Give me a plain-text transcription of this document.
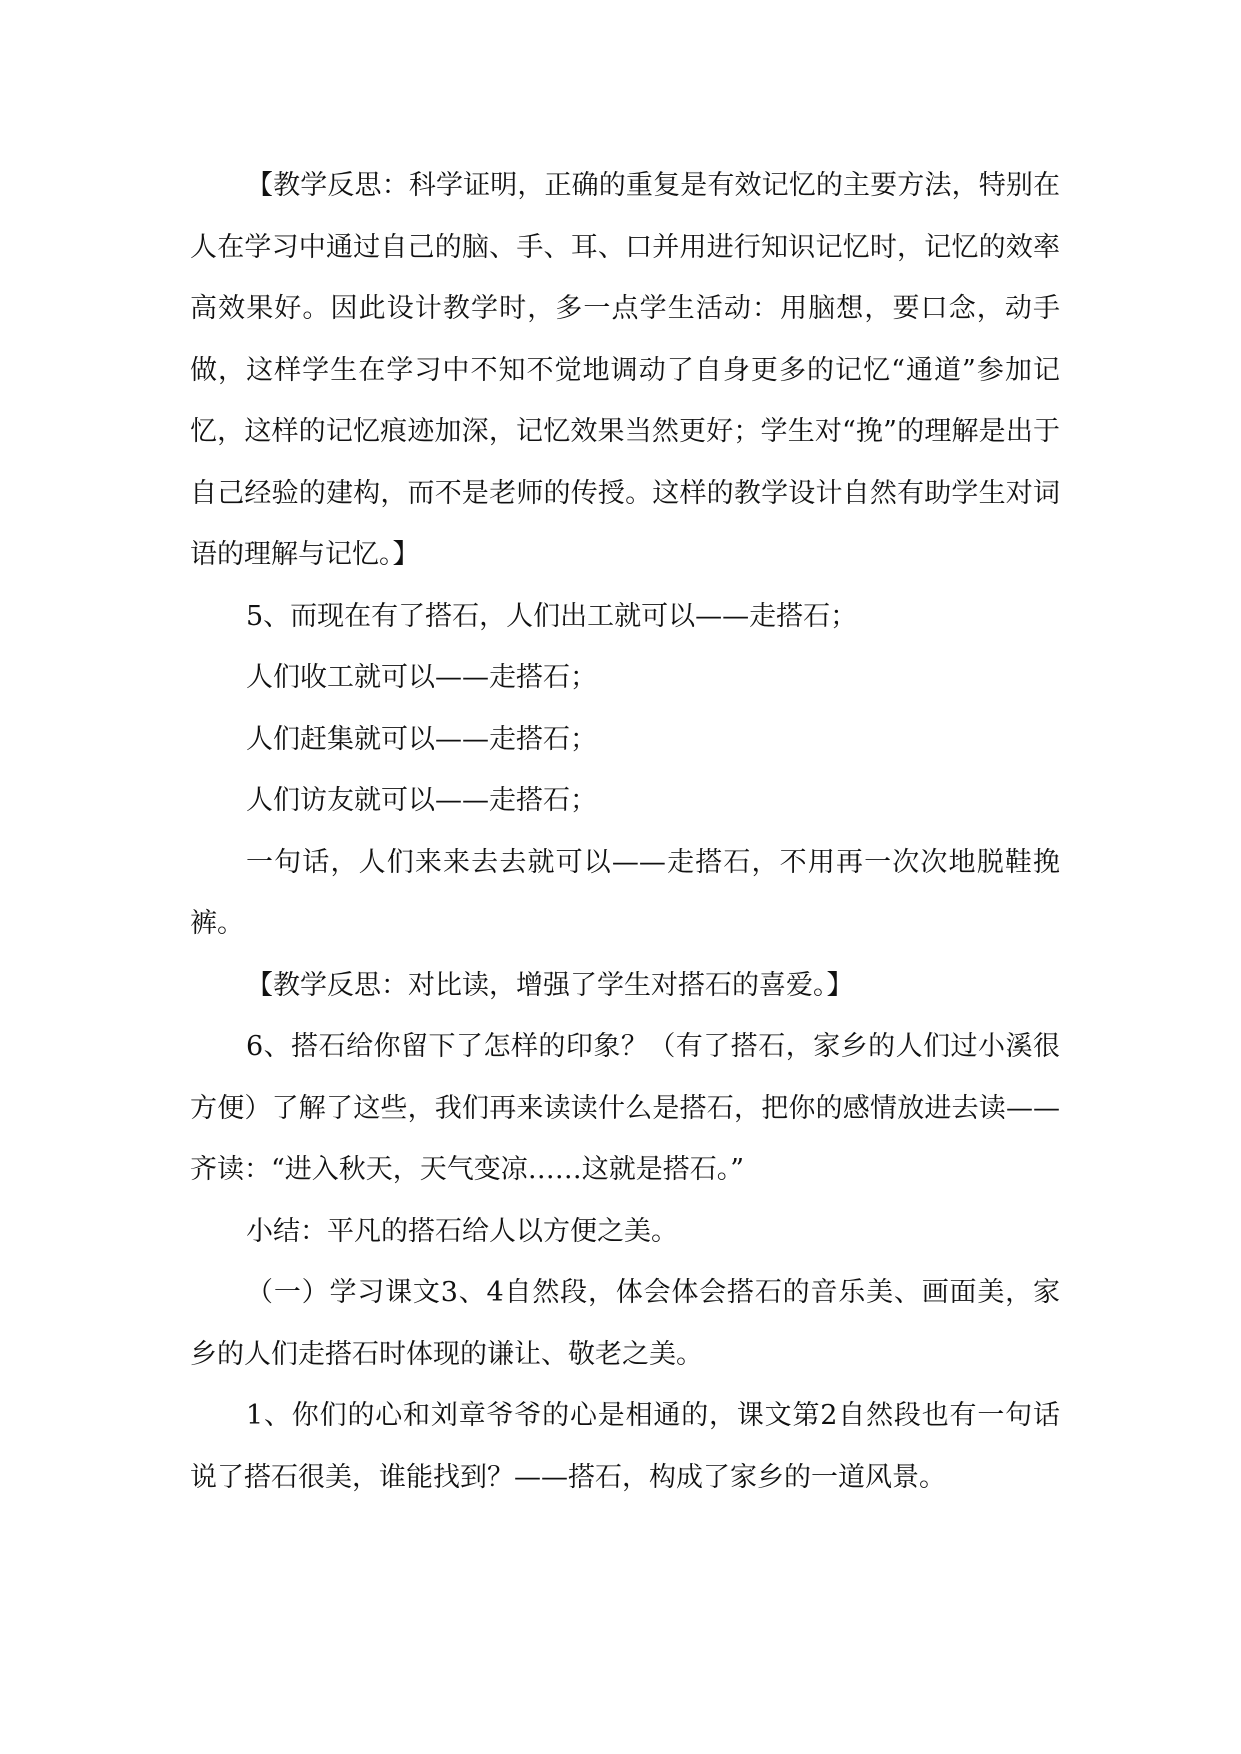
【教学反思：科学证明，正确的重复是有效记忆的主要方法，特别在人在学习中通过自己的脑、手、耳、口并用进行知识记忆时，记忆的效率高效果好。因此设计教学时，多一点学生活动：用脑想，要口念，动手做，这样学生在学习中不知不觉地调动了自身更多的记忆“通道”参加记忆，这样的记忆痕迹加深，记忆效果当然更好；学生对“挽”的理解是出于自己经验的建构，而不是老师的传授。这样的教学设计自然有助学生对词语的理解与记忆。】

5、而现在有了搭石，人们出工就可以——走搭石；

人们收工就可以——走搭石；

人们赶集就可以——走搭石；

人们访友就可以——走搭石；

一句话，人们来来去去就可以——走搭石，不用再一次次地脱鞋挽裤。

【教学反思：对比读，增强了学生对搭石的喜爱。】

6、搭石给你留下了怎样的印象？（有了搭石，家乡的人们过小溪很方便）了解了这些，我们再来读读什么是搭石，把你的感情放进去读——齐读：“进入秋天，天气变凉……这就是搭石。”

小结：平凡的搭石给人以方便之美。

（一）学习课文3、4自然段，体会体会搭石的音乐美、画面美，家乡的人们走搭石时体现的谦让、敬老之美。

1、你们的心和刘章爷爷的心是相通的，课文第2自然段也有一句话说了搭石很美，谁能找到？——搭石，构成了家乡的一道风景。
